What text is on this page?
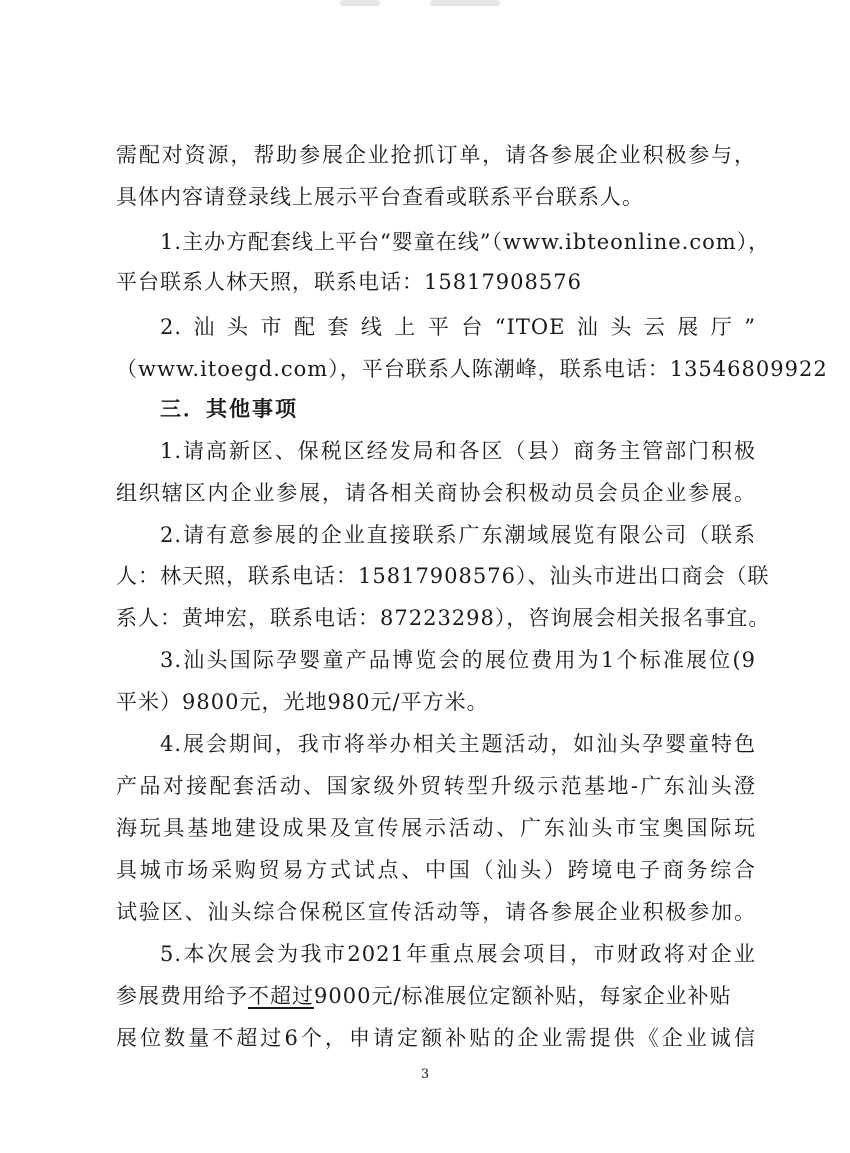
需配对资源，帮助参展企业抢抓订单，请各参展企业积极参与，
具体内容请登录线上展示平台查看或联系平台联系人。
1.主办方配套线上平台“婴童在线”（www.ibteonline.com），
平台联系人林天照，联系电话：15817908576
2.汕头市配套线上平台“ITOE汕头云展厅”
（www.itoegd.com），平台联系人陈潮峰，联系电话：13546809922
三．其他事项
1.请高新区、保税区经发局和各区（县）商务主管部门积极
组织辖区内企业参展，请各相关商协会积极动员会员企业参展。
2.请有意参展的企业直接联系广东潮域展览有限公司（联系
人：林天照，联系电话：15817908576）、汕头市进出口商会（联
系人：黄坤宏，联系电话：87223298），咨询展会相关报名事宜。
3.汕头国际孕婴童产品博览会的展位费用为1个标准展位(9
平米）9800元，光地980元/平方米。
4.展会期间，我市将举办相关主题活动，如汕头孕婴童特色
产品对接配套活动、国家级外贸转型升级示范基地-广东汕头澄
海玩具基地建设成果及宣传展示活动、广东汕头市宝奥国际玩
具城市场采购贸易方式试点、中国（汕头）跨境电子商务综合
试验区、汕头综合保税区宣传活动等，请各参展企业积极参加。
5.本次展会为我市2021年重点展会项目，市财政将对企业
参展费用给予不超过9000元/标准展位定额补贴，每家企业补贴
展位数量不超过6个，申请定额补贴的企业需提供《企业诚信
3
